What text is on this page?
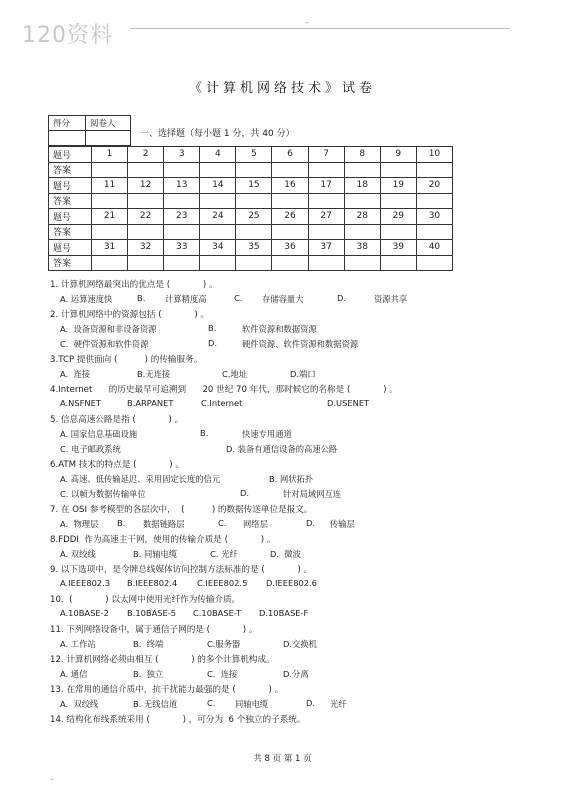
120资料
–
《计算机网络技术》试卷
得分	阅卷人

一、选择题（每小题 1 分，共 40 分）
题号	1	2	3	4	5	6	7	8	9	10
答案										
题号	11	12	13	14	15	16	17	18	19	20
答案										
题号	21	22	23	24	25	26	27	28	29	30
答案										
题号	31	32	33	34	35	36	37	38	39	40
答案										
1. 计算机网络最突出的优点是 (            ) 。
A. 运算速度快	B. 计算精度高	C. 存储容量大	D.	资源共享
2. 计算机网络中的资源包括 (            ) 。
A.  设备资源和非设备资源	B.	软件资源和数据资源
C.  硬件资源和软件资源	D.	硬件资源、软件资源和数据资源
3.TCP 提供面向 (          ) 的传输服务。
A.  连接	B.无连接	C.地址	D.端口
4.Internet      的历史最早可追溯到      20 世纪 70 年代，那时候它的名称是 (            ) 。
A.NSFNET	B.ARPANET	C.Internet	D.USENET
5. 信息高速公路是指 (            ) 。
A. 国家信息基础设施	B.	快速专用通道
C. 电子邮政系统	D. 装备有通信设备的高速公路
6.ATM 技术的特点是 (            ) 。
A. 高速、低传输延迟、采用固定长度的信元	B. 网状拓扑
C. 以帧为数据传输单位	D.	针对局域网互连
7. 在 OSI 参考模型的各层次中，  (          ) 的数据传送单位是报文。
A.  物理层 B. 数据链路层	C. 网络层	D. 传输层
8.FDDI  作为高速主干网，使用的传输介质是 (            ) 。
A. 双绞线	B. 同轴电缆	C. 光纤	D.  微波
9. 以下选项中，是令牌总线媒体访问控制方法标准的是 (            ) 。
A.IEEE802.3 B.IEEE802.4 C.IEEE802.5 D.IEEE802.6
10.  (            ) 以太网中使用光纤作为传输介质。
A.10BASE-2 B.10BASE-5 C.10BASE-T D.10BASE-F
11. 下列网络设备中，属于通信子网的是 (            ) 。
A. 工作站	B.  终端	C.服务器	D.交换机
12. 计算机网络必须由相互 (            ) 的多个计算机构成。
A. 通信	B.  独立	C.  连接	D.分离
13. 在常用的通信介质中，抗干扰能力最强的是 (            ) 。
A.  双绞线	B. 无线信道	C. 同轴电缆	D. 光纤
14. 结构化布线系统采用 (            ) ，可分为  6 个独立的子系统。
共 8 页 第 1 页
–
